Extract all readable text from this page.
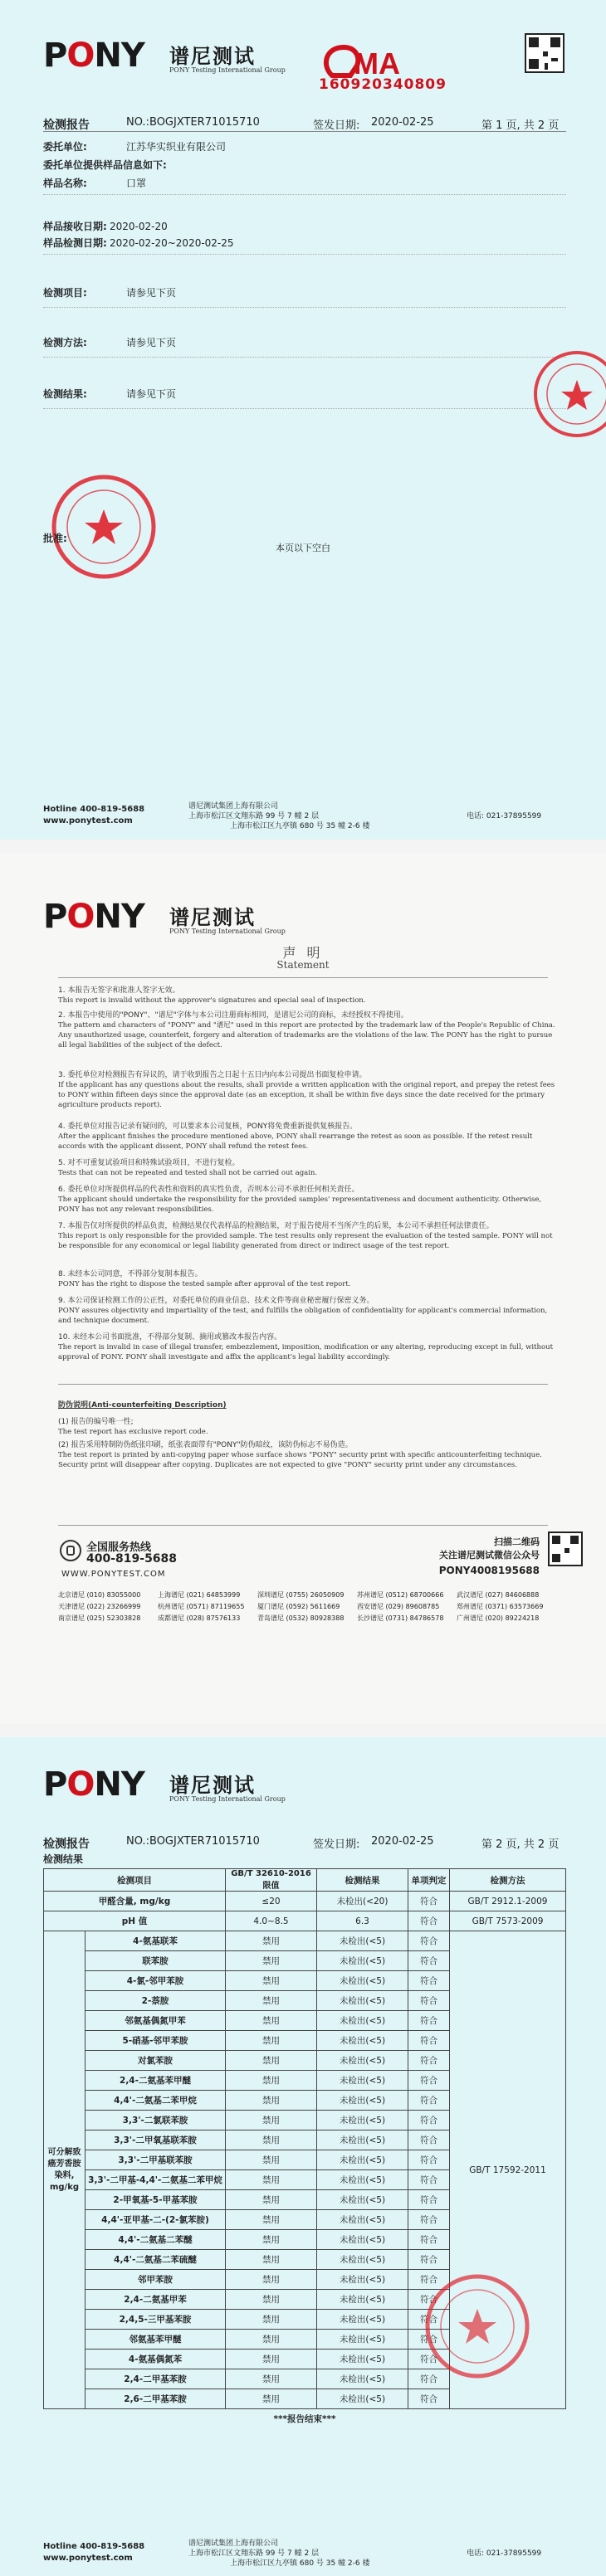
PONY 谱尼测试
PONY Testing International Group MA
160920340809
检测报告	NO.: BOGJXTER71015710	签发日期: 2020-02-25	第 1 页, 共 2 页
委托单位:	江苏华实织业有限公司
委托单位提供样品信息如下:
样品名称:	口罩
样品接收日期: 2020-02-20
样品检测日期: 2020-02-20~2020-02-25
检测项目:	请参见下页
检测方法:	请参见下页
检测结果:	请参见下页
批准:
本页以下空白
Hotline 400-819-5688
www.ponytest.com
谱尼测试集团上海有限公司
上海市松江区文翔东路 99 号 7 幢 2 层
上海市松江区九亭镇 680 号 35 幢 2-6 楼
电话: 021-37895599
PONY 谱尼测试
PONY Testing International Group
声 明
Statement
1. 本报告无签字和批准人签字无效。
This report is invalid without the approver's signatures and special seal of inspection.
2. 本报告中使用的"PONY"、"谱尼"字体与本公司注册商标相同，是谱尼公司的商标，未经授权不得使用。
The pattern and characters of "PONY" and "谱尼" used in this report are protected by the trademark law of the People's Republic of China. Any unauthorized usage, counterfeit, forgery and alteration of trademarks are the violations of the law. The PONY has the right to pursue all legal liabilities of the subject of the defect.
3. 委托单位对检测报告有异议的，请于收到报告之日起十五日内向本公司提出书面复检申请。
If the applicant has any questions about the results, shall provide a written application with the original report, and prepay the retest fees to PONY within fifteen days since the approval date (as an exception, it shall be within five days since the date received for the primary agriculture products report).
4. 委托单位对报告记录有疑问的，可以要求本公司复核，PONY将免费重新提供复核报告。
After the applicant finishes the procedure mentioned above, PONY shall rearrange the retest as soon as possible. If the retest result accords with the applicant dissent, PONY shall refund the retest fees.
5. 对不可重复试验项目和特殊试验项目，不进行复检。
Tests that can not be repeated and tested shall not be carried out again.
6. 委托单位对所提供样品的代表性和资料的真实性负责，否则本公司不承担任何相关责任。
The applicant should undertake the responsibility for the provided samples' representativeness and document authenticity. Otherwise, PONY has not any relevant responsibilities.
7. 本报告仅对所提供的样品负责，检测结果仅代表样品的检测结果，对于报告使用不当所产生的后果，本公司不承担任何法律责任。
This report is only responsible for the provided sample. The test results only represent the evaluation of the tested sample. PONY will not be responsible for any economical or legal liability generated from direct or indirect usage of the test report.
8. 未经本公司同意，不得部分复制本报告。
PONY has the right to dispose the tested sample after approval of the test report.
9. 本公司保证检测工作的公正性，对委托单位的商业信息、技术文件等商业秘密履行保密义务。
PONY assures objectivity and impartiality of the test, and fulfills the obligation of confidentiality for applicant's commercial information, and technique document.
10. 未经本公司书面批准，不得部分复制、摘用或篡改本报告内容。
The report is invalid in case of illegal transfer, embezzlement, imposition, modification or any altering, reproducing except in full, without approval of PONY. PONY shall investigate and affix the applicant's legal liability accordingly.
防伪说明(Anti-counterfeiting Description)
(1) 报告的编号唯一性;
The test report has exclusive report code.
(2) 报告采用特制防伪纸张印刷，纸张表面带有"PONY"防伪暗纹，该防伪标志不易伪造。
The test report is printed by anti-copying paper whose surface shows "PONY" security print with specific anticounterfeiting technique. Security print will disappear after copying. Duplicates are not expected to give "PONY" security print under any circumstances.
全国服务热线
400-819-5688
WWW.PONYTEST.COM
扫描二维码
关注谱尼测试微信公众号
PONY4008195688
北京谱尼 (010) 83055000	上海谱尼 (021) 64853999	深圳谱尼 (0755) 26050909	苏州谱尼 (0512) 68700666	武汉谱尼 (027) 84606888
天津谱尼 (022) 23266999	杭州谱尼 (0571) 87119655	厦门谱尼 (0592) 5611669	西安谱尼 (029) 89608785	郑州谱尼 (0371) 63573669
南京谱尼 (025) 52303828	成都谱尼 (028) 87576133	青岛谱尼 (0532) 80928388	长沙谱尼 (0731) 84786578	广州谱尼 (020) 89224218
PONY 谱尼测试
PONY Testing International Group
检测报告	NO.: BOGJXTER71015710	签发日期: 2020-02-25	第 2 页, 共 2 页
检测结果
检测项目		GB/T 32610-2016 限值	检测结果	单项判定	检测方法
甲醛含量, mg/kg		≤20	未检出(<20)	符合	GB/T 2912.1-2009
pH 值		4.0~8.5	6.3	符合	GB/T 7573-2009
可分解致癌芳香胺染料, mg/kg	4-氨基联苯	禁用	未检出(<5)	符合	GB/T 17592-2011
	联苯胺	禁用	未检出(<5)	符合	
	4-氯-邻甲苯胺	禁用	未检出(<5)	符合	
	2-萘胺	禁用	未检出(<5)	符合	
	邻氨基偶氮甲苯	禁用	未检出(<5)	符合	
	5-硝基-邻甲苯胺	禁用	未检出(<5)	符合	
	对氯苯胺	禁用	未检出(<5)	符合	
	2,4-二氨基苯甲醚	禁用	未检出(<5)	符合	
	4,4'-二氨基二苯甲烷	禁用	未检出(<5)	符合	
	3,3'-二氯联苯胺	禁用	未检出(<5)	符合	
	3,3'-二甲氧基联苯胺	禁用	未检出(<5)	符合	
	3,3'-二甲基联苯胺	禁用	未检出(<5)	符合	
	3,3'-二甲基-4,4'-二氨基二苯甲烷	禁用	未检出(<5)	符合	
	2-甲氧基-5-甲基苯胺	禁用	未检出(<5)	符合	
	4,4'-亚甲基-二-(2-氯苯胺)	禁用	未检出(<5)	符合	
	4,4'-二氨基二苯醚	禁用	未检出(<5)	符合	
	4,4'-二氨基二苯硫醚	禁用	未检出(<5)	符合	
	邻甲苯胺	禁用	未检出(<5)	符合	
	2,4-二氨基甲苯	禁用	未检出(<5)	符合	
	2,4,5-三甲基苯胺	禁用	未检出(<5)	符合	
	邻氨基苯甲醚	禁用	未检出(<5)	符合	
	4-氨基偶氮苯	禁用	未检出(<5)	符合	
	2,4-二甲基苯胺	禁用	未检出(<5)	符合	
	2,6-二甲基苯胺	禁用	未检出(<5)	符合	
***报告结束***					
Hotline 400-819-5688
www.ponytest.com
谱尼测试集团上海有限公司
上海市松江区文翔东路 99 号 7 幢 2 层
上海市松江区九亭镇 680 号 35 幢 2-6 楼
电话: 021-37895599
